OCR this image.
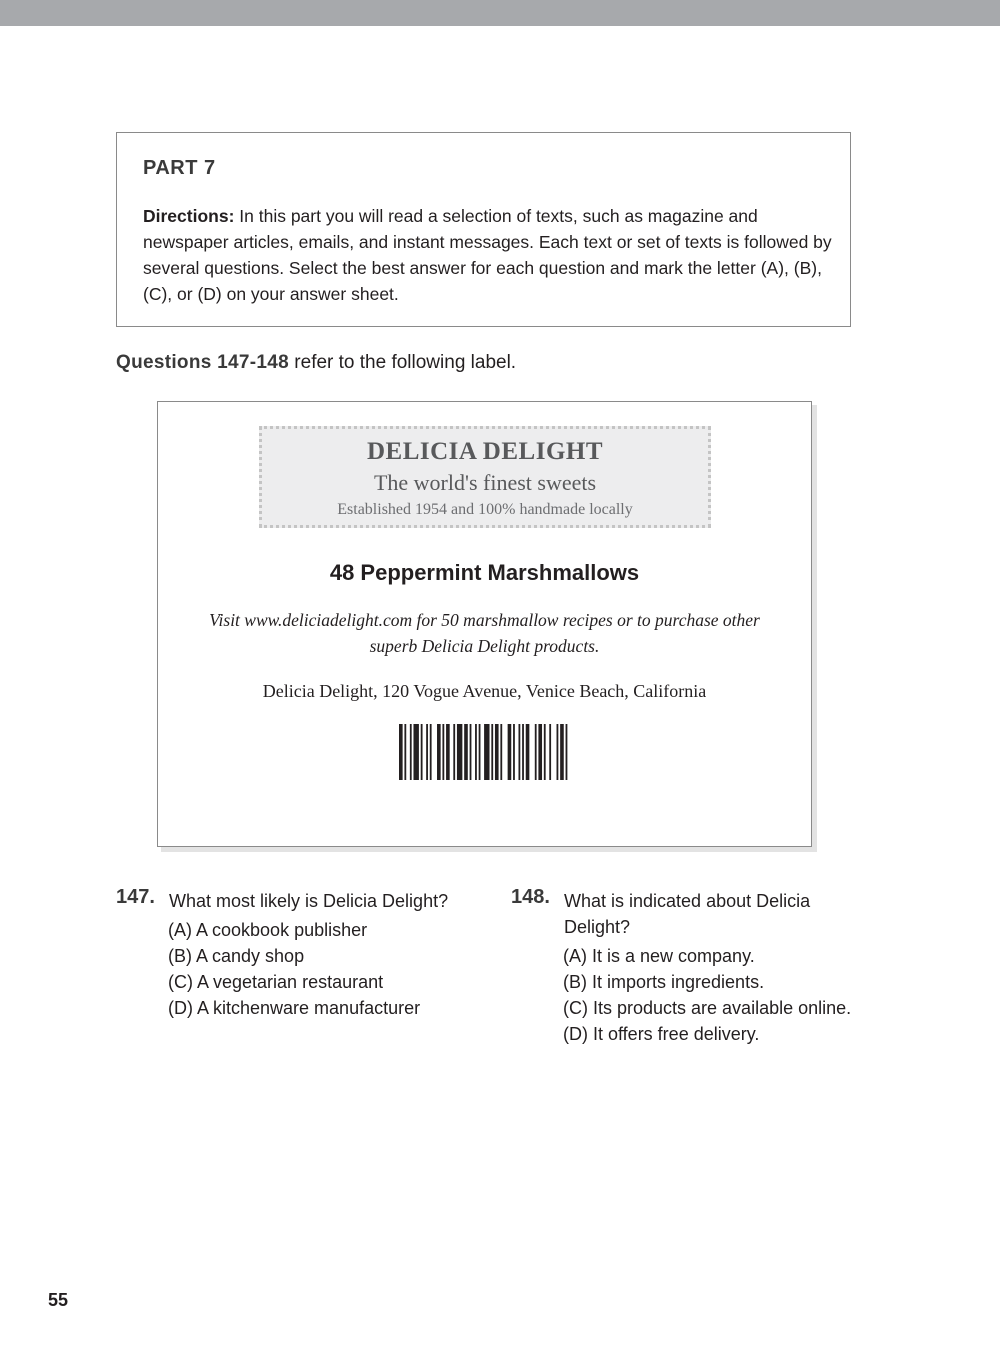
PART 7
Directions: In this part you will read a selection of texts, such as magazine and newspaper articles, emails, and instant messages. Each text or set of texts is followed by several questions. Select the best answer for each question and mark the letter (A), (B), (C), or (D) on your answer sheet.
Questions 147-148 refer to the following label.
DELICIA DELIGHT
The world's finest sweets
Established 1954 and 100% handmade locally
48 Peppermint Marshmallows
Visit www.deliciadelight.com for 50 marshmallow recipes or to purchase other superb Delicia Delight products.
Delicia Delight, 120 Vogue Avenue, Venice Beach, California
147. What most likely is Delicia Delight?
(A) A cookbook publisher
(B) A candy shop
(C) A vegetarian restaurant
(D) A kitchenware manufacturer
148. What is indicated about Delicia Delight?
(A) It is a new company.
(B) It imports ingredients.
(C) Its products are available online.
(D) It offers free delivery.
55
